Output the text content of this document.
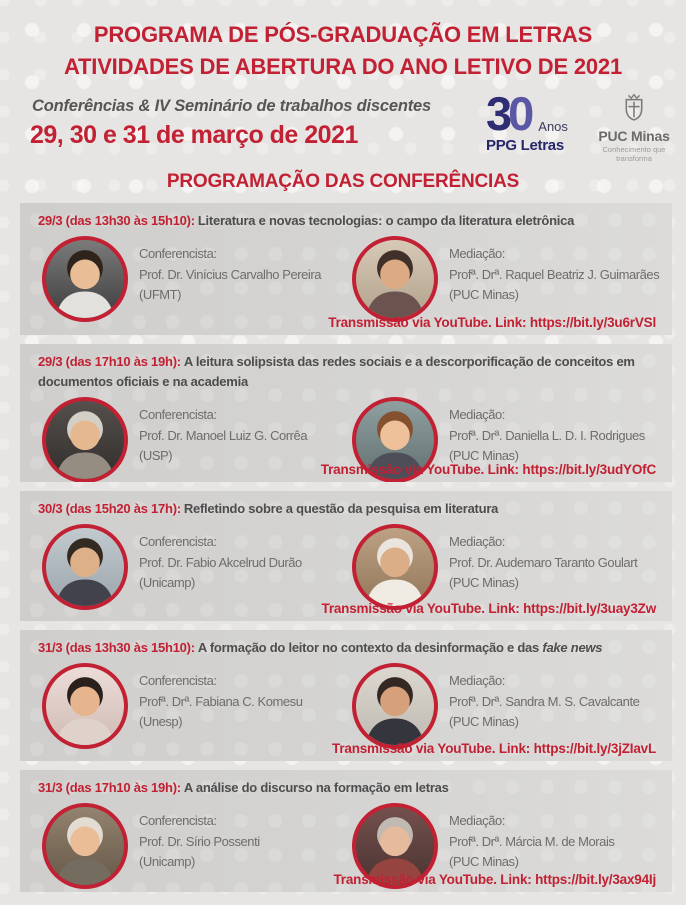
PROGRAMA DE PÓS-GRADUAÇÃO EM LETRAS
ATIVIDADES DE ABERTURA DO ANO LETIVO DE 2021
Conferências & IV Seminário de trabalhos discentes
29, 30 e 31 de março de 2021	3 0 Anos
PPG Letras
PUC Minas
Conhecimento que transforma
PROGRAMAÇÃO DAS CONFERÊNCIAS
29/3 (das 13h30 às 15h10): Literatura e novas tecnologias: o campo da literatura eletrônica
Conferencista:
Prof. Dr. Vinícius Carvalho Pereira
(UFMT)
Mediação:
Profª. Drª. Raquel Beatriz J. Guimarães
(PUC Minas)
Transmissão via YouTube. Link: https://bit.ly/3u6rVSl
29/3 (das 17h10 às 19h): A leitura solipsista das redes sociais e a descorporificação de conceitos em documentos oficiais e na academia
Conferencista:
Prof. Dr. Manoel Luiz G. Corrêa
(USP)
Mediação:
Profª. Drª. Daniella L. D. I. Rodrigues
(PUC Minas)
Transmissão via YouTube. Link: https://bit.ly/3udYOfC
30/3 (das 15h20 às 17h): Refletindo sobre a questão da pesquisa em literatura
Conferencista:
Prof. Dr. Fabio Akcelrud Durão
(Unicamp)
Mediação:
Prof. Dr. Audemaro Taranto Goulart
(PUC Minas)
Transmissão via YouTube. Link: https://bit.ly/3uay3Zw
31/3 (das 13h30 às 15h10): A formação do leitor no contexto da desinformação e das fake news
Conferencista:
Profª. Drª. Fabiana C. Komesu
(Unesp)
Mediação:
Profª. Drª. Sandra M. S. Cavalcante
(PUC Minas)
Transmissão via YouTube. Link: https://bit.ly/3jZIavL
31/3 (das 17h10 às 19h): A análise do discurso na formação em letras
Conferencista:
Prof. Dr. Sírio Possenti
(Unicamp)
Mediação:
Profª. Drª. Márcia M. de Morais
(PUC Minas)
Transmissão via YouTube. Link: https://bit.ly/3ax94Ij
